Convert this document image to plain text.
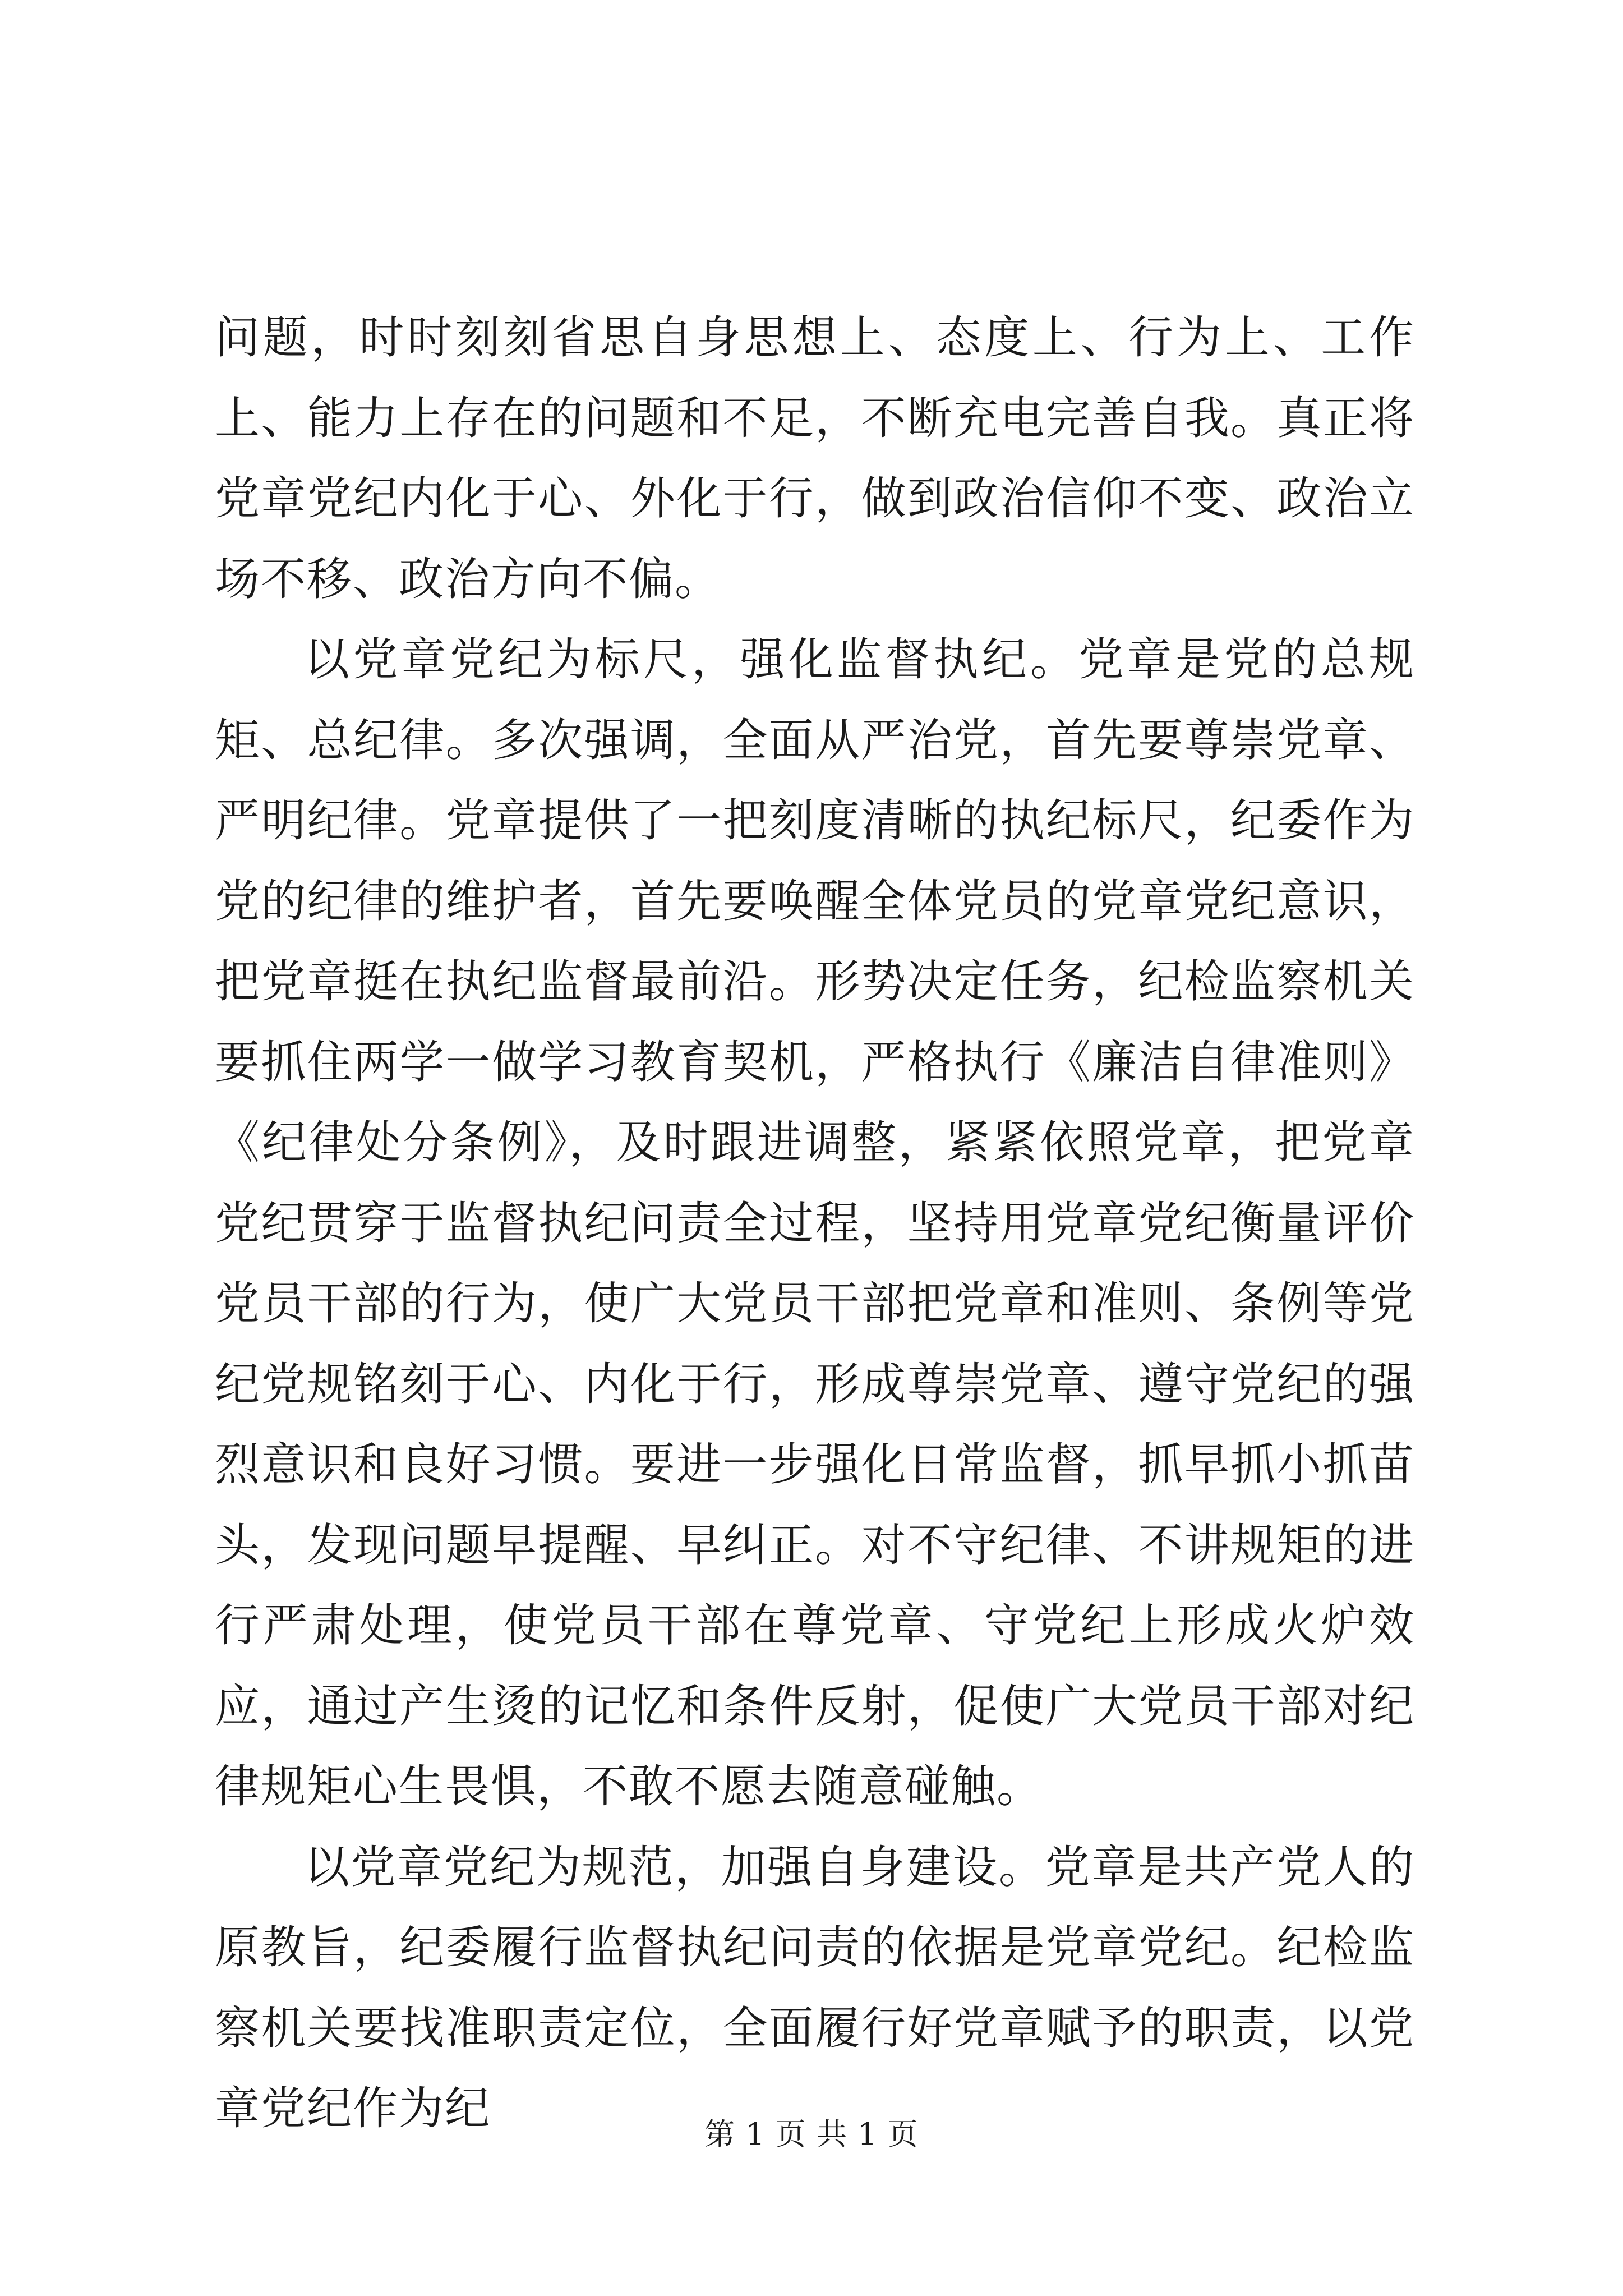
问题，时时刻刻省思自身思想上、态度上、行为上、工作上、能力上存在的问题和不足，不断充电完善自我。真正将党章党纪内化于心、外化于行，做到政治信仰不变、政治立场不移、政治方向不偏。

以党章党纪为标尺，强化监督执纪。党章是党的总规矩、总纪律。多次强调，全面从严治党，首先要尊崇党章、严明纪律。党章提供了一把刻度清晰的执纪标尺，纪委作为党的纪律的维护者，首先要唤醒全体党员的党章党纪意识，把党章挺在执纪监督最前沿。形势决定任务，纪检监察机关要抓住两学一做学习教育契机，严格执行《廉洁自律准则》《纪律处分条例》，及时跟进调整，紧紧依照党章，把党章党纪贯穿于监督执纪问责全过程，坚持用党章党纪衡量评价党员干部的行为，使广大党员干部把党章和准则、条例等党纪党规铭刻于心、内化于行，形成尊崇党章、遵守党纪的强烈意识和良好习惯。要进一步强化日常监督，抓早抓小抓苗头，发现问题早提醒、早纠正。对不守纪律、不讲规矩的进行严肃处理，使党员干部在尊党章、守党纪上形成火炉效应，通过产生烫的记忆和条件反射，促使广大党员干部对纪律规矩心生畏惧，不敢不愿去随意碰触。

以党章党纪为规范，加强自身建设。党章是共产党人的原教旨，纪委履行监督执纪问责的依据是党章党纪。纪检监察机关要找准职责定位，全面履行好党章赋予的职责，以党章党纪作为纪	第 1 页 共 1 页
